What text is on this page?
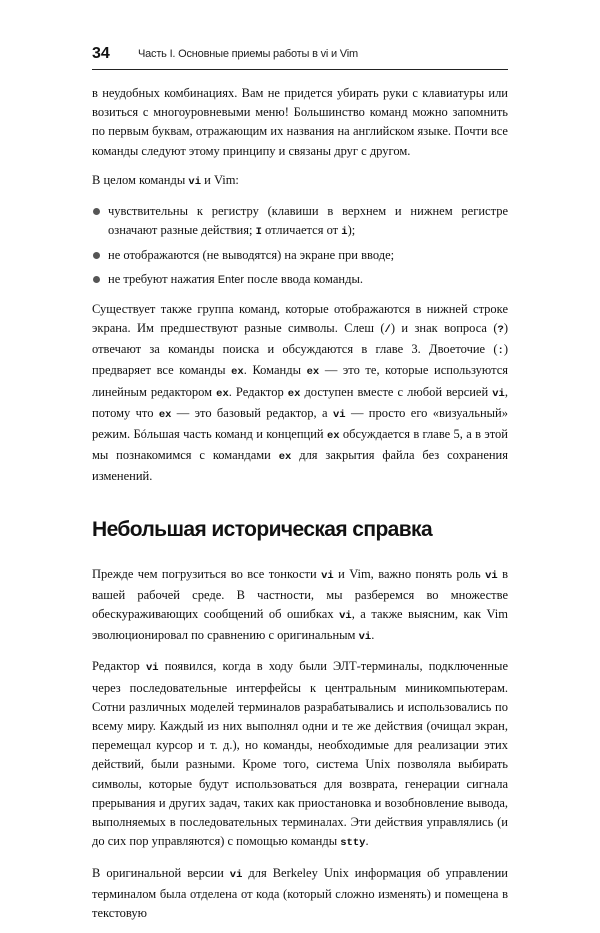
34	Часть I. Основные приемы работы в vi и Vim

в неудобных комбинациях. Вам не придется убирать руки с клавиатуры или возиться с многоуровневыми меню! Большинство команд можно запомнить по первым буквам, отражающим их названия на английском языке. Почти все команды следуют этому принципу и связаны друг с другом.

В целом команды vi и Vim:

чувствительны к регистру (клавиши в верхнем и нижнем регистре означают разные действия; I отличается от i);
не отображаются (не выводятся) на экране при вводе;
не требуют нажатия Enter после ввода команды.

Существует также группа команд, которые отображаются в нижней строке экрана. Им предшествуют разные символы. Слеш (/) и знак вопроса (?) отвечают за команды поиска и обсуждаются в главе 3. Двоеточие (:) предваряет все команды ex. Команды ex — это те, которые используются линейным редактором ex. Редактор ex доступен вместе с любой версией vi, потому что ex — это базовый редактор, а vi — просто его «визуальный» режим. Бóльшая часть команд и концепций ex обсуждается в главе 5, а в этой мы познакомимся с командами ex для закрытия файла без сохранения изменений.

Небольшая историческая справка

Прежде чем погрузиться во все тонкости vi и Vim, важно понять роль vi в вашей рабочей среде. В частности, мы разберемся во множестве обескураживающих сообщений об ошибках vi, а также выясним, как Vim эволюционировал по сравнению с оригинальным vi.

Редактор vi появился, когда в ходу были ЭЛТ-терминалы, подключенные через последовательные интерфейсы к центральным миникомпьютерам. Сотни различных моделей терминалов разрабатывались и использовались по всему миру. Каждый из них выполнял одни и те же действия (очищал экран, перемещал курсор и т. д.), но команды, необходимые для реализации этих действий, были разными. Кроме того, система Unix позволяла выбирать символы, которые будут использоваться для возврата, генерации сигнала прерывания и других задач, таких как приостановка и возобновление вывода, выполняемых в последовательных терминалах. Эти действия управлялись (и до сих пор управляются) с помощью команды stty.

В оригинальной версии vi для Berkeley Unix информация об управлении терминалом была отделена от кода (который сложно изменять) и помещена в текстовую
